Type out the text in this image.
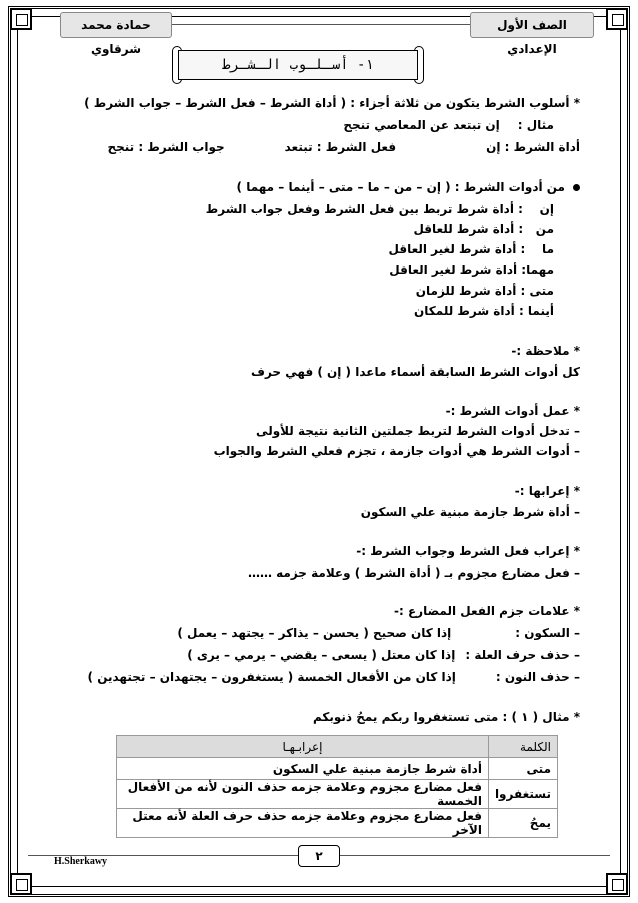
الصف الأول الإعدادي
حمادة محمد شرقاوي
١- أسـلـوب الـشـرط
* أسلوب الشرط يتكون من ثلاثة أجزاء : ( أداة الشرط – فعل الشرط – جواب الشرط )
مثال :إن تبتعد عن المعاصي تنجح
أداة الشرط : إنفعل الشرط : تبتعدجواب الشرط : تنجح
من أدوات الشرط : ( إن – من – ما – متى – أينما – مهما )
إن    : أداة شرط تربط بين فعل الشرط وفعل جواب الشرط
من   : أداة شرط للعاقل
ما    : أداة شرط لغير العاقل
مهما: أداة شرط لغير العاقل
متى : أداة شرط للزمان
أينما : أداة شرط للمكان
* ملاحظة :-
كل أدوات الشرط السابقة أسماء ماعدا ( إن ) فهي حرف
* عمل أدوات الشرط :-
– تدخل أدوات الشرط لتربط جملتين الثانية نتيجة للأولى
– أدوات الشرط هي أدوات جازمة ، تجزم فعلي الشرط والجواب
* إعرابها :-
– أداة شرط جازمة مبنية علي السكون
* إعراب فعل الشرط وجواب الشرط :-
– فعل مضارع مجزوم بـ ( أداة الشرط ) وعلامة جزمه ……
* علامات جزم الفعل المضارع :-
– السكون :إذا كان صحيح ( يحسن – يذاكر – يجتهد – يعمل )
– حذف حرف العلة :إذا كان معتل ( يسعى – يقضي – يرمي – يرى )
– حذف النون :إذا كان من الأفعال الخمسة ( يستغفرون – يجتهدان – تجتهدين )
* مثال ( ١ ) : متى تستغفروا ربكم يمحُ ذنوبكم
الكلمة	إعرابـهـا
متى	أداة شرط جازمة مبنية علي السكون
تستغفروا	فعل مضارع مجزوم وعلامة جزمه حذف النون لأنه من الأفعال الخمسة
يمحُ	فعل مضارع مجزوم وعلامة جزمه حذف حرف العلة لأنه معتل الآخر
H.Sherkawy	٢
